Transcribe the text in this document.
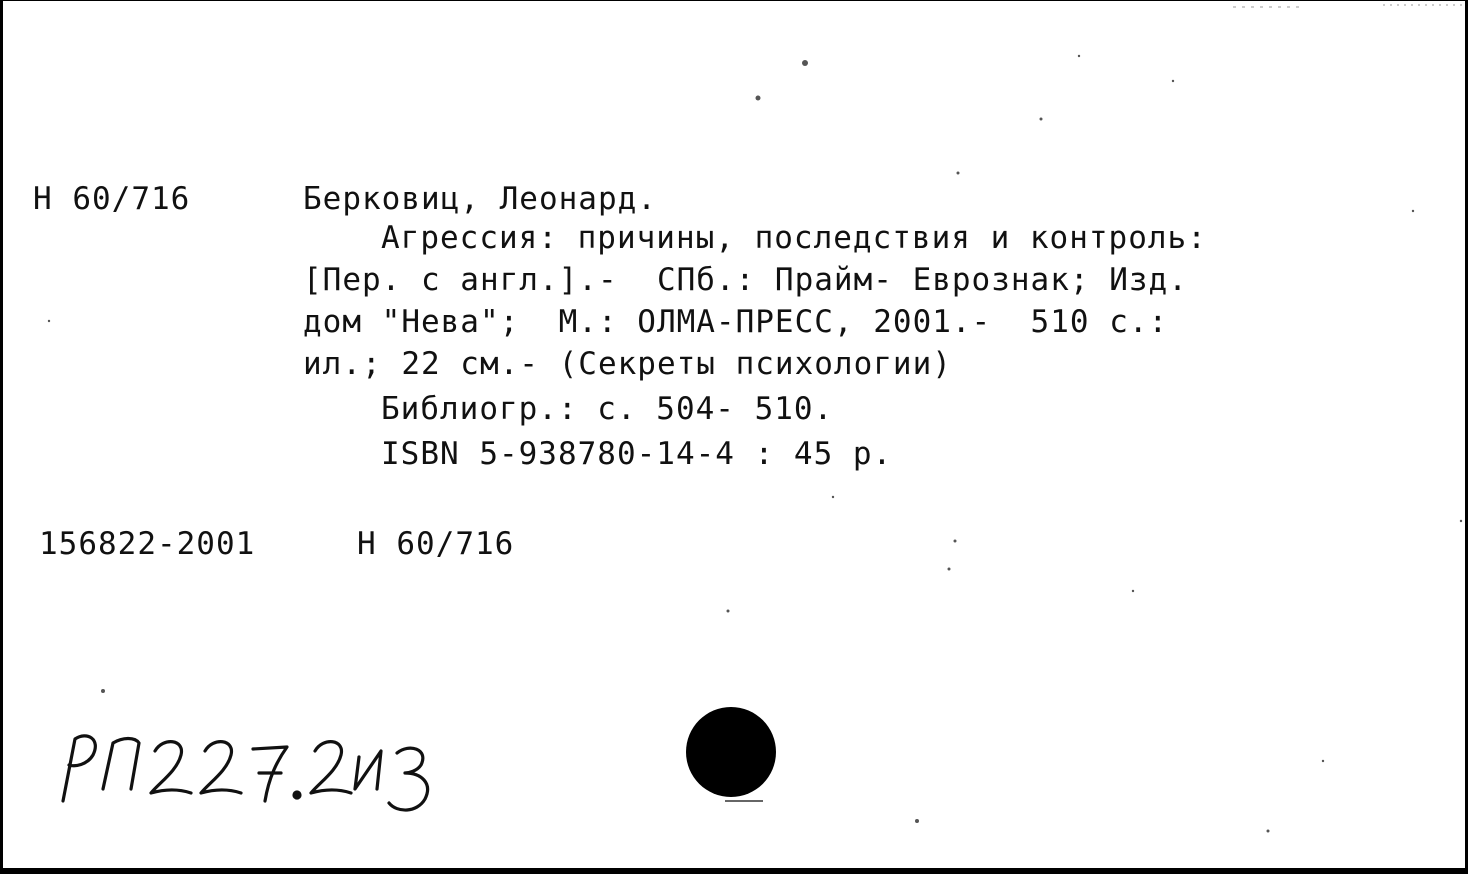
Н 60/716	Берковиц, Леонард.
Агрессия: причины, последствия и контроль:
[Пер. с англ.].-  СПб.: Прайм- Еврознак; Изд.
дом "Нева";  М.: ОЛМА-ПРЕСС, 2001.-  510 с.:
ил.; 22 см.- (Секреты психологии)
Библиогр.: с. 504- 510.
ISBN 5-938780-14-4 : 45 р.
156822-2001	Н 60/716
